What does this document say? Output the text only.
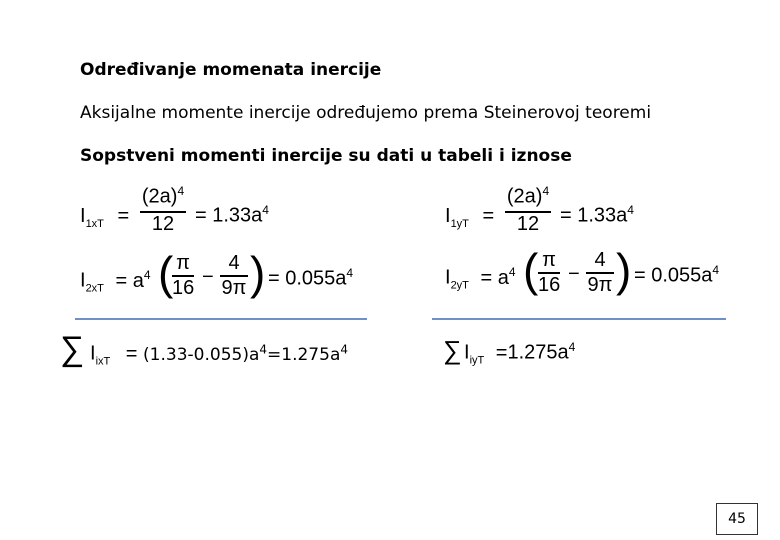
Određivanje momenata inercije
Aksijalne momente inercije određujemo prema Steinerovoj teoremi
Sopstveni momenti inercije su dati u tabeli i iznose
$I_{1xT}$ =
$(2a)^4$
12	= $1.33a^4$
$I_{2xT} = a^4$ (
$\frac{\pi}{16} - \frac{4}{9\pi}$ ) = $0.055a^4$
$I_{1yT}$ =
$(2a)^4$
12	= $1.33a^4$
$I_{2yT} = a^4$ ( $\frac{\pi}{16} - \frac{4}{9\pi}$ ) = $0.055a^4$
∑ $I_{ixT} = (1.33-0.055)a^4=1.275a^4$	∑ $I_{iyT} =1.275a^4$
45
